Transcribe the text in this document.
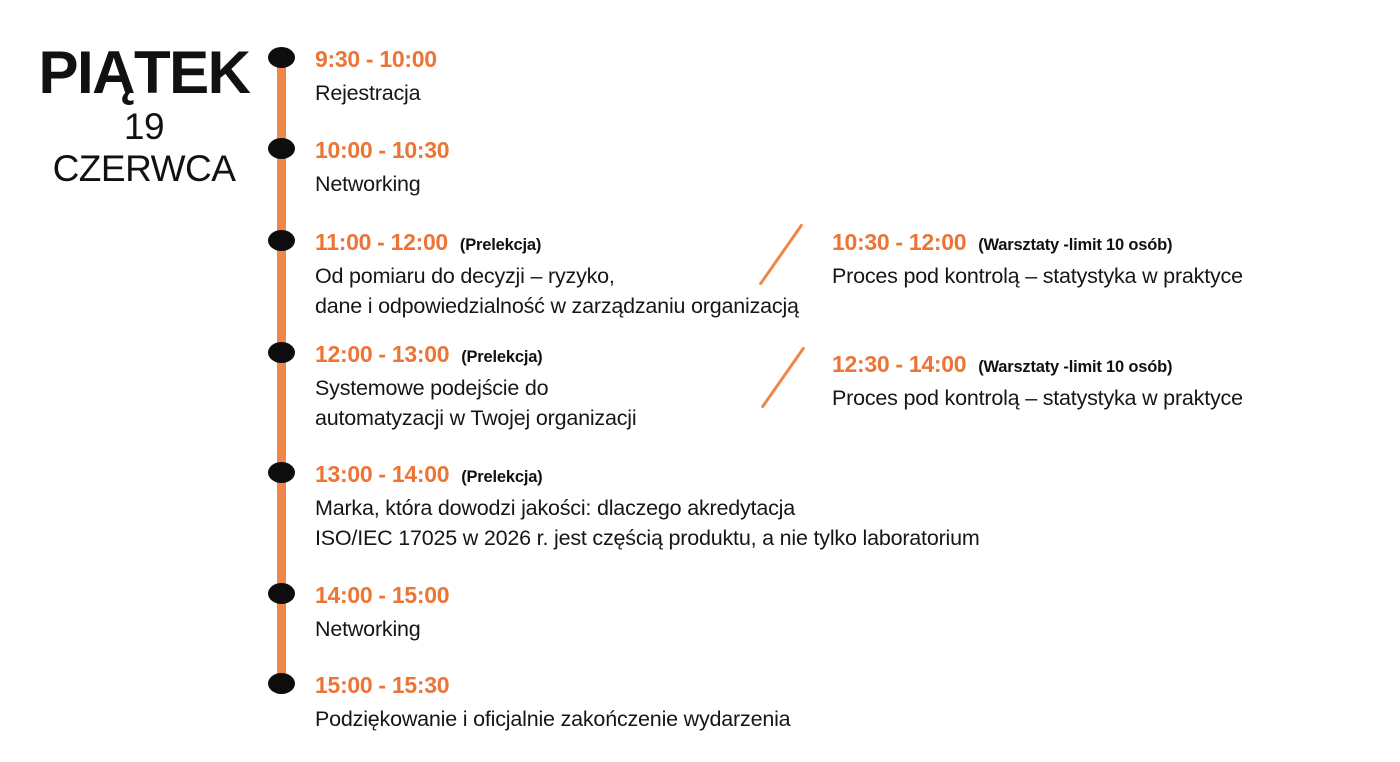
PIĄTEK
19 CZERWCA
9:30 - 10:00
Rejestracja
10:00 - 10:30
Networking
11:00 - 12:00 (Prelekcja)
Od pomiaru do decyzji – ryzyko,
dane i odpowiedzialność w zarządzaniu organizacją
12:00 - 13:00 (Prelekcja)
Systemowe podejście do
automatyzacji w Twojej organizacji
13:00 - 14:00 (Prelekcja)
Marka, która dowodzi jakości: dlaczego akredytacja
ISO/IEC 17025 w 2026 r. jest częścią produktu, a nie tylko laboratorium
14:00 - 15:00
Networking
15:00 - 15:30
Podziękowanie i oficjalnie zakończenie wydarzenia
10:30 - 12:00 (Warsztaty -limit 10 osób)
Proces pod kontrolą – statystyka w praktyce
12:30 - 14:00 (Warsztaty -limit 10 osób)
Proces pod kontrolą – statystyka w praktyce
